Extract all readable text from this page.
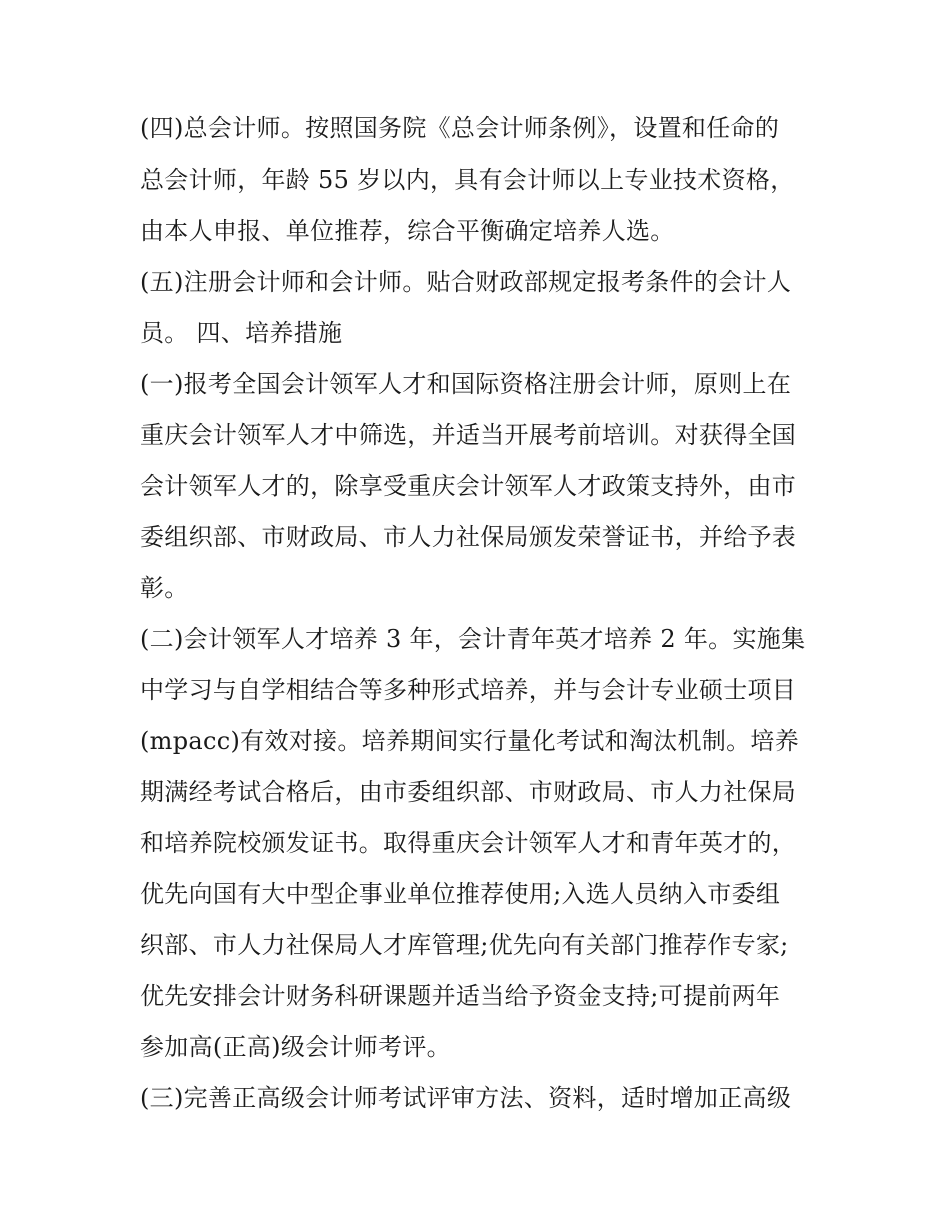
(四)总会计师。按照国务院《总会计师条例》，设置和任命的
总会计师，年龄 55 岁以内，具有会计师以上专业技术资格，
由本人申报、单位推荐，综合平衡确定培养人选。
(五)注册会计师和会计师。贴合财政部规定报考条件的会计人
员。 四、培养措施
(一)报考全国会计领军人才和国际资格注册会计师，原则上在
重庆会计领军人才中筛选，并适当开展考前培训。对获得全国
会计领军人才的，除享受重庆会计领军人才政策支持外，由市
委组织部、市财政局、市人力社保局颁发荣誉证书，并给予表
彰。
(二)会计领军人才培养 3 年，会计青年英才培养 2 年。实施集
中学习与自学相结合等多种形式培养，并与会计专业硕士项目
(mpacc)有效对接。培养期间实行量化考试和淘汰机制。培养
期满经考试合格后，由市委组织部、市财政局、市人力社保局
和培养院校颁发证书。取得重庆会计领军人才和青年英才的，
优先向国有大中型企事业单位推荐使用;入选人员纳入市委组
织部、市人力社保局人才库管理;优先向有关部门推荐作专家;
优先安排会计财务科研课题并适当给予资金支持;可提前两年
参加高(正高)级会计师考评。
(三)完善正高级会计师考试评审方法、资料，适时增加正高级
